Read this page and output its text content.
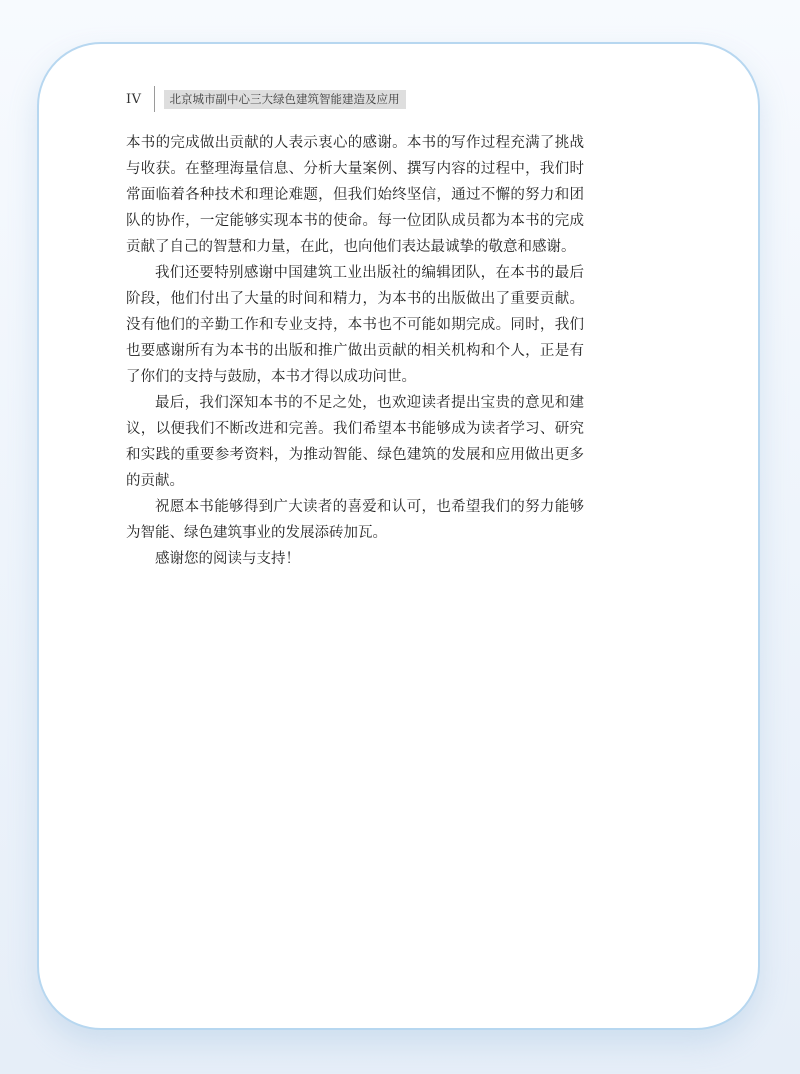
IV	北京城市副中心三大绿色建筑智能建造及应用

本书的完成做出贡献的人表示衷心的感谢。本书的写作过程充满了挑战与收获。在整理海量信息、分析大量案例、撰写内容的过程中，我们时常面临着各种技术和理论难题，但我们始终坚信，通过不懈的努力和团队的协作，一定能够实现本书的使命。每一位团队成员都为本书的完成贡献了自己的智慧和力量，在此，也向他们表达最诚挚的敬意和感谢。

我们还要特别感谢中国建筑工业出版社的编辑团队，在本书的最后阶段，他们付出了大量的时间和精力，为本书的出版做出了重要贡献。没有他们的辛勤工作和专业支持，本书也不可能如期完成。同时，我们也要感谢所有为本书的出版和推广做出贡献的相关机构和个人，正是有了你们的支持与鼓励，本书才得以成功问世。

最后，我们深知本书的不足之处，也欢迎读者提出宝贵的意见和建议，以便我们不断改进和完善。我们希望本书能够成为读者学习、研究和实践的重要参考资料，为推动智能、绿色建筑的发展和应用做出更多的贡献。

祝愿本书能够得到广大读者的喜爱和认可，也希望我们的努力能够为智能、绿色建筑事业的发展添砖加瓦。

感谢您的阅读与支持！
